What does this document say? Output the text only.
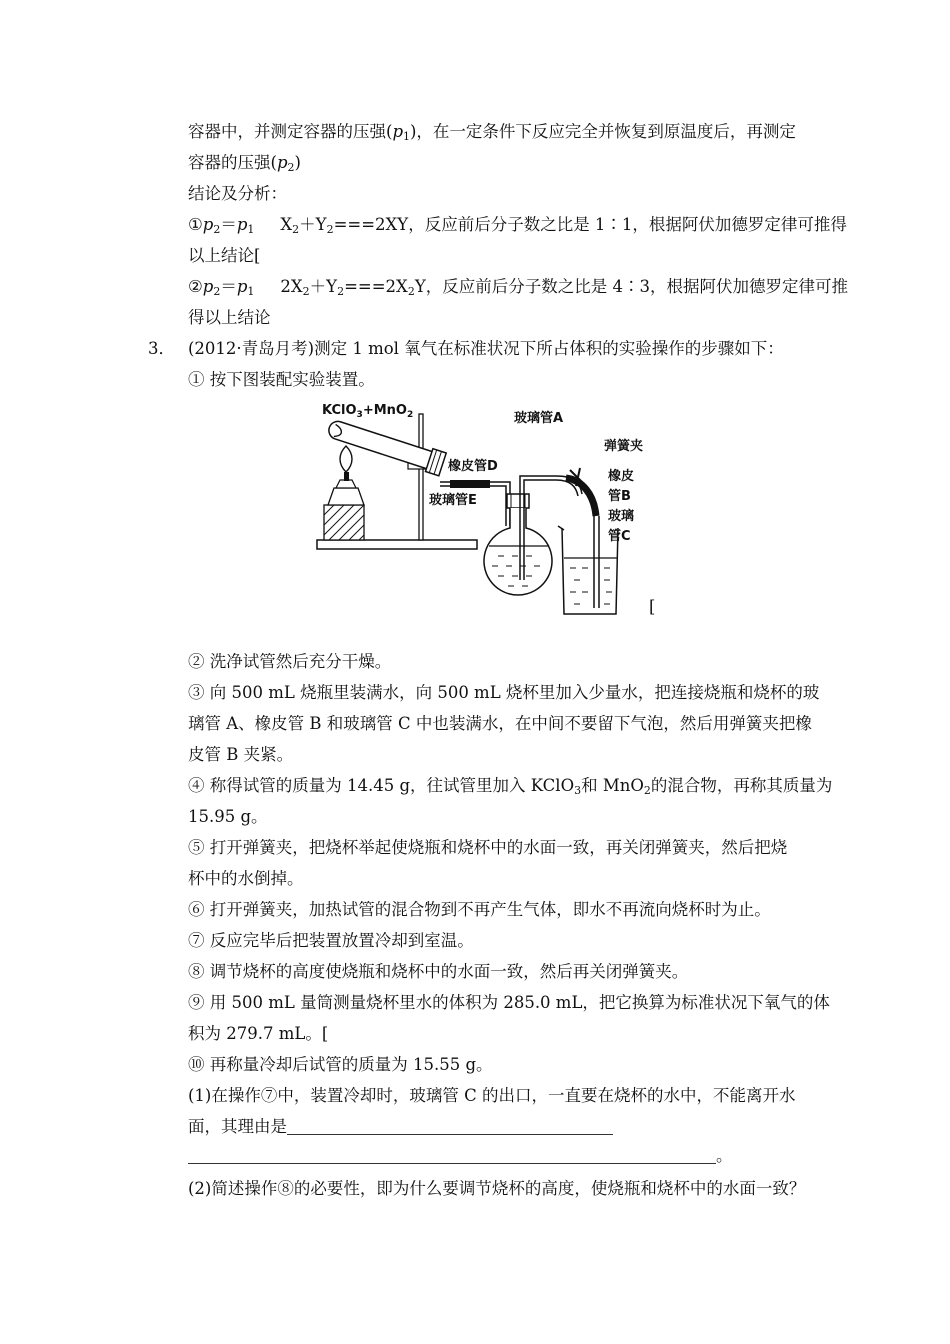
容器中，并测定容器的压强$(p_1)$，在一定条件下反应完全并恢复到原温度后，再测定
容器的压强$(p_2)$
结论及分析：
$①p_2=p_1$ $X_2+Y_2===2XY$，反应前后分子数之比是 1∶1，根据阿伏加德罗定律可推得
以上结论[
$②p_2=p_1$ $2X_2+Y_2===2X_2Y$，反应前后分子数之比是 4∶3，根据阿伏加德罗定律可推
得以上结论
3． (2012·青岛月考)测定 1 mol 氧气在标准状况下所占体积的实验操作的步骤如下：
① 按下图装配实验装置。
KClO$_3$+MnO$_2$
橡皮管D
玻璃管A
弹簧夹
橡皮
管B
玻璃管E
玻璃
管C
[
② 洗净试管然后充分干燥。
③ 向 500 mL 烧瓶里装满水，向 500 mL 烧杯里加入少量水，把连接烧瓶和烧杯的玻
璃管 A、橡皮管 B 和玻璃管 C 中也装满水，在中间不要留下气泡，然后用弹簧夹把橡
皮管 B 夹紧。
④ 称得试管的质量为 14.45 g，往试管里加入 KClO$_3$和 MnO$_2$的混合物，再称其质量为
15.95 g。
⑤ 打开弹簧夹，把烧杯举起使烧瓶和烧杯中的水面一致，再关闭弹簧夹，然后把烧
杯中的水倒掉。
⑥ 打开弹簧夹，加热试管的混合物到不再产生气体，即水不再流向烧杯时为止。
⑦ 反应完毕后把装置放置冷却到室温。
⑧ 调节烧杯的高度使烧瓶和烧杯中的水面一致，然后再关闭弹簧夹。
⑨ 用 500 mL 量筒测量烧杯里水的体积为 285.0 mL，把它换算为标准状况下氧气的体
积为 279.7 mL。[
⑩ 再称量冷却后试管的质量为 15.55 g。
(1)在操作⑦中，装置冷却时，玻璃管 C 的出口，一直要在烧杯的水中，不能离开水
面，其理由是
。
(2)简述操作⑧的必要性，即为什么要调节烧杯的高度，使烧瓶和烧杯中的水面一致？
